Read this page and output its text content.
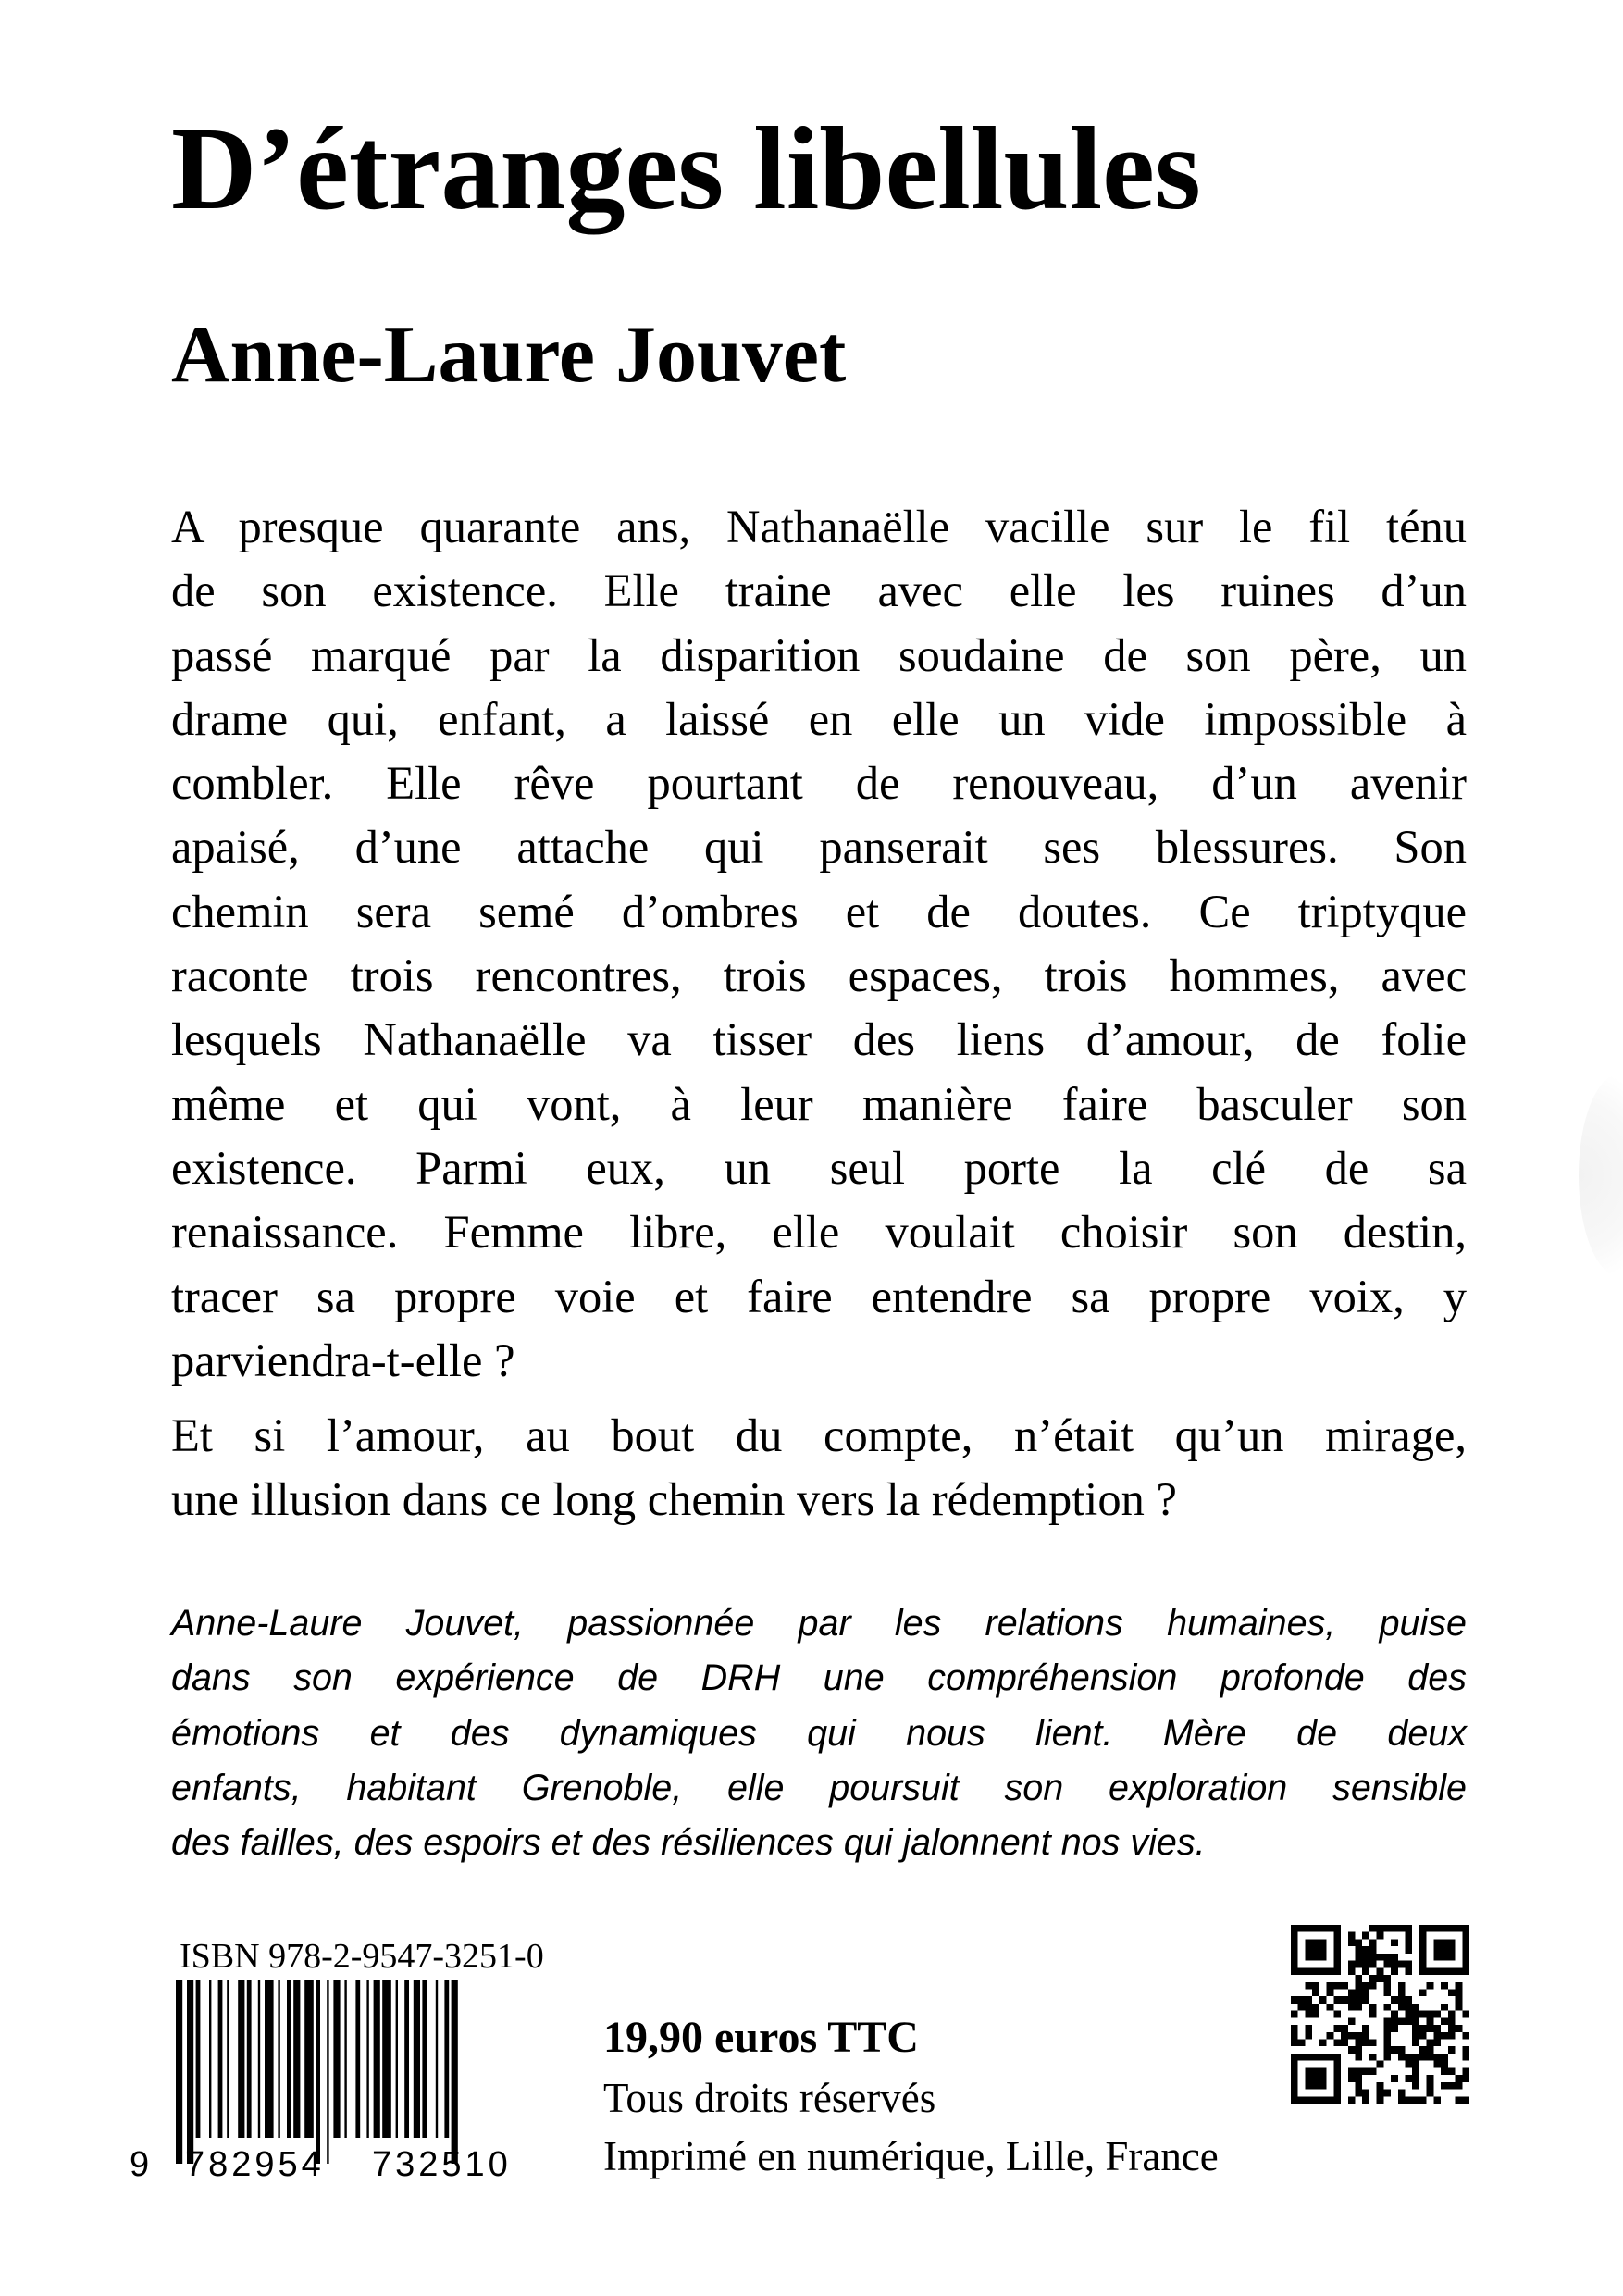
D’étranges libellules
Anne-Laure Jouvet
A presque quarante ans, Nathanaëlle vacille sur le fil ténu
de son existence. Elle traine avec elle les ruines d’un
passé marqué par la disparition soudaine de son père, un
drame qui, enfant, a laissé en elle un vide impossible à
combler. Elle rêve pourtant de renouveau, d’un avenir
apaisé, d’une attache qui panserait ses blessures. Son
chemin sera semé d’ombres et de doutes. Ce triptyque
raconte trois rencontres, trois espaces, trois hommes, avec
lesquels Nathanaëlle va tisser des liens d’amour, de folie
même et qui vont, à leur manière faire basculer son
existence. Parmi eux, un seul porte la clé de sa
renaissance. Femme libre, elle voulait choisir son destin,
tracer sa propre voie et faire entendre sa propre voix, y
parviendra-t-elle ?
Et si l’amour, au bout du compte, n’était qu’un mirage,
une illusion dans ce long chemin vers la rédemption ?
Anne-Laure Jouvet, passionnée par les relations humaines, puise
dans son expérience de DRH une compréhension profonde des
émotions et des dynamiques qui nous lient. Mère de deux
enfants, habitant Grenoble, elle poursuit son exploration sensible
des failles, des espoirs et des résiliences qui jalonnent nos vies.
ISBN 978-2-9547-3251-0
9 782954 732510
19,90 euros TTC
Tous droits réservés
Imprimé en numérique, Lille, France
